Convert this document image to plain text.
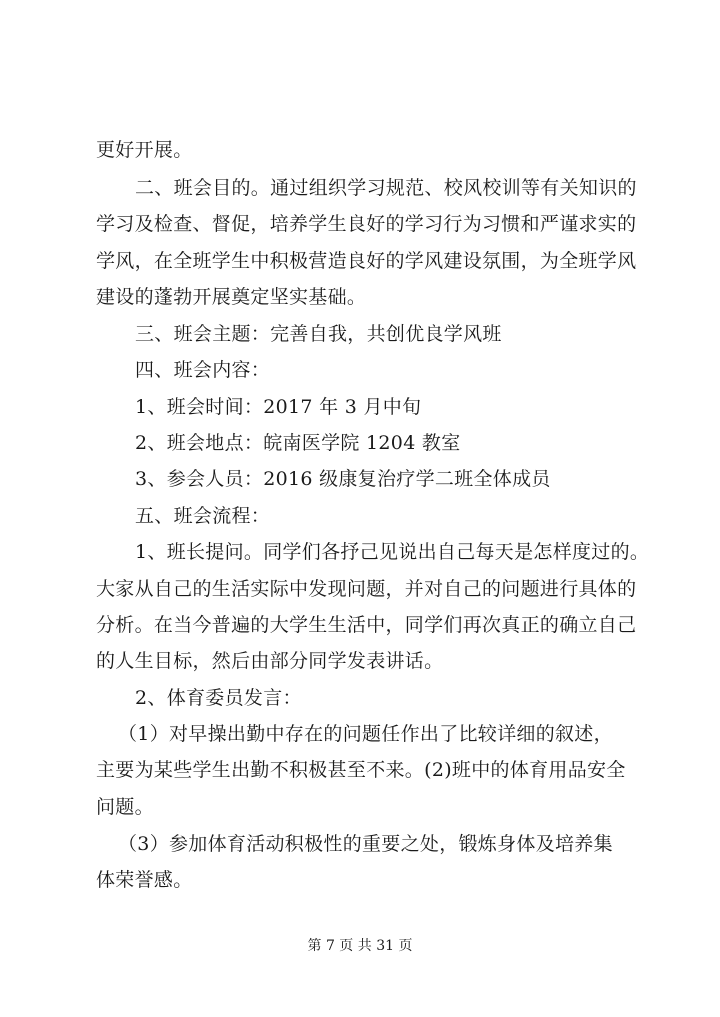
更好开展。

二、班会目的。通过组织学习规范、校风校训等有关知识的

学习及检查、督促，培养学生良好的学习行为习惯和严谨求实的

学风，在全班学生中积极营造良好的学风建设氛围，为全班学风

建设的蓬勃开展奠定坚实基础。

三、班会主题：完善自我，共创优良学风班

四、班会内容：

1、班会时间：2017 年 3 月中旬

2、班会地点：皖南医学院 1204 教室

3、参会人员：2016 级康复治疗学二班全体成员

五、班会流程：

1、班长提问。同学们各抒己见说出自己每天是怎样度过的。

大家从自己的生活实际中发现问题，并对自己的问题进行具体的

分析。在当今普遍的大学生生活中，同学们再次真正的确立自己

的人生目标，然后由部分同学发表讲话。

2、体育委员发言：

（1）对早操出勤中存在的问题任作出了比较详细的叙述，

主要为某些学生出勤不积极甚至不来。(2)班中的体育用品安全

问题。

（3）参加体育活动积极性的重要之处，锻炼身体及培养集

体荣誉感。

第 7 页 共 31 页
